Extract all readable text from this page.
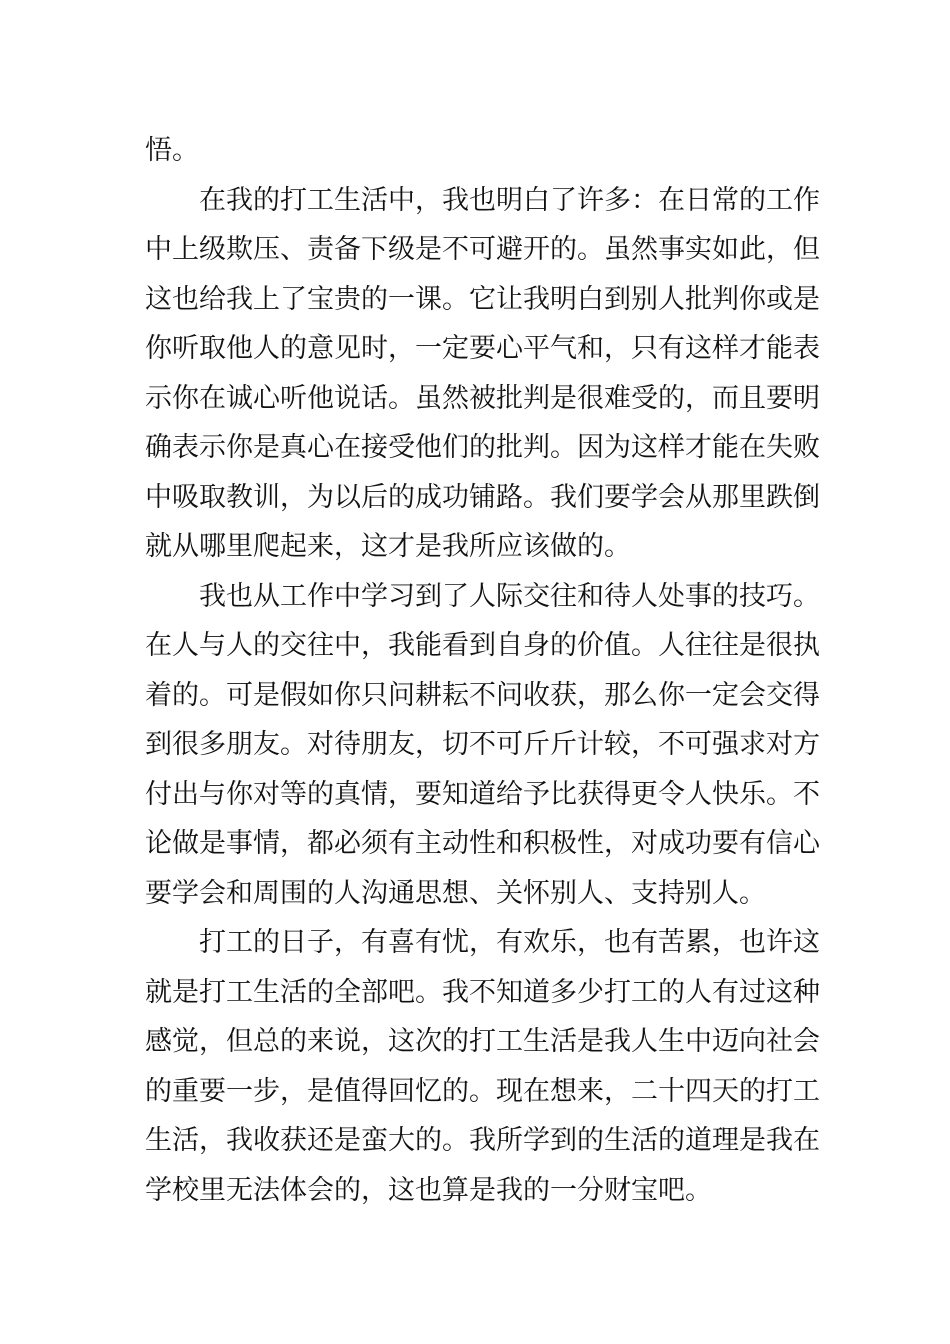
悟。
在我的打工生活中，我也明白了许多：在日常的工作
中上级欺压、责备下级是不可避开的。虽然事实如此，但
这也给我上了宝贵的一课。它让我明白到别人批判你或是
你听取他人的意见时，一定要心平气和，只有这样才能表
示你在诚心听他说话。虽然被批判是很难受的，而且要明
确表示你是真心在接受他们的批判。因为这样才能在失败
中吸取教训，为以后的成功铺路。我们要学会从那里跌倒
就从哪里爬起来，这才是我所应该做的。
我也从工作中学习到了人际交往和待人处事的技巧。
在人与人的交往中，我能看到自身的价值。人往往是很执
着的。可是假如你只问耕耘不问收获，那么你一定会交得
到很多朋友。对待朋友，切不可斤斤计较，不可强求对方
付出与你对等的真情，要知道给予比获得更令人快乐。不
论做是事情，都必须有主动性和积极性，对成功要有信心
要学会和周围的人沟通思想、关怀别人、支持别人。
打工的日子，有喜有忧，有欢乐，也有苦累，也许这
就是打工生活的全部吧。我不知道多少打工的人有过这种
感觉，但总的来说，这次的打工生活是我人生中迈向社会
的重要一步，是值得回忆的。现在想来，二十四天的打工
生活，我收获还是蛮大的。我所学到的生活的道理是我在
学校里无法体会的，这也算是我的一分财宝吧。
